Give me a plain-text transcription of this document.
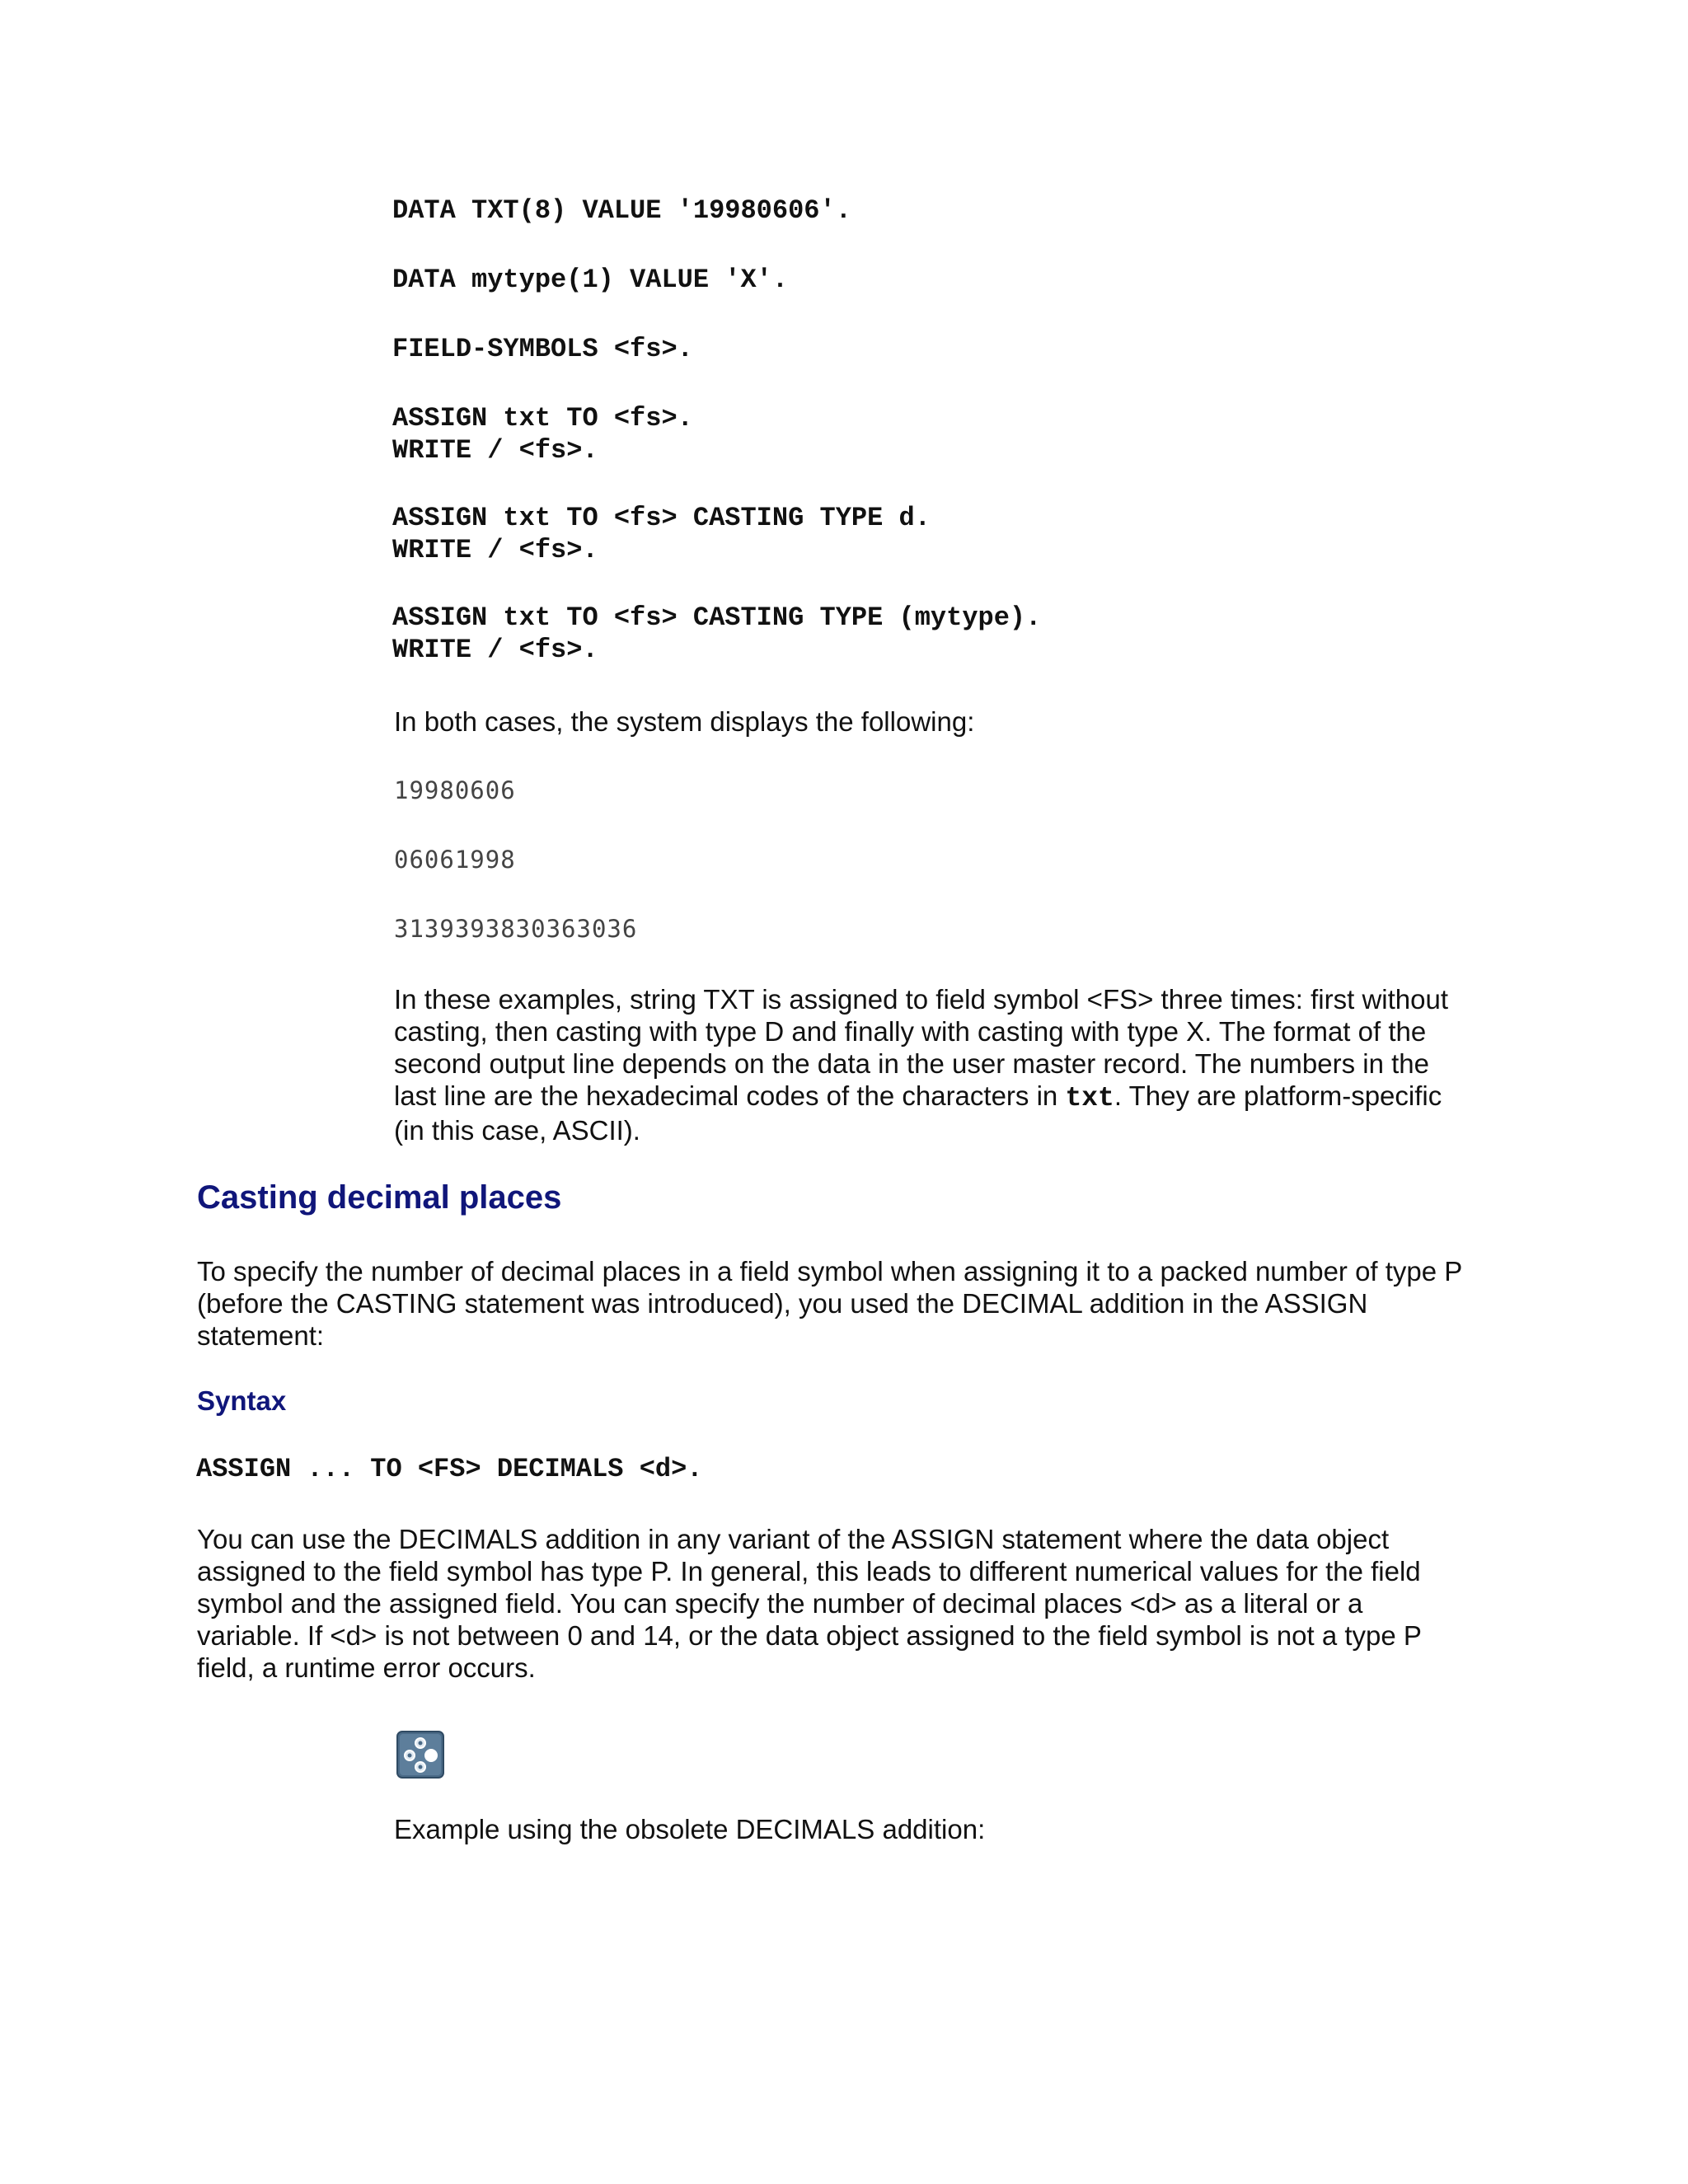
DATA TXT(8) VALUE '19980606'.
DATA mytype(1) VALUE 'X'.
FIELD-SYMBOLS <fs>.
ASSIGN txt TO <fs>.
WRITE / <fs>.
ASSIGN txt TO <fs> CASTING TYPE d.
WRITE / <fs>.
ASSIGN txt TO <fs> CASTING TYPE (mytype).
WRITE / <fs>.
In both cases, the system displays the following:
19980606
06061998
3139393830363036
In these examples, string TXT is assigned to field symbol <FS> three times: first without
casting, then casting with type D and finally with casting with type X. The format of the
second output line depends on the data in the user master record. The numbers in the
last line are the hexadecimal codes of the characters in txt. They are platform-specific
(in this case, ASCII).
Casting decimal places
To specify the number of decimal places in a field symbol when assigning it to a packed number of type P
(before the CASTING statement was introduced), you used the DECIMAL addition in the ASSIGN
statement:
Syntax
ASSIGN ... TO <FS> DECIMALS <d>.
You can use the DECIMALS addition in any variant of the ASSIGN statement where the data object
assigned to the field symbol has type P. In general, this leads to different numerical values for the field
symbol and the assigned field. You can specify the number of decimal places <d> as a literal or a
variable. If <d> is not between 0 and 14, or the data object assigned to the field symbol is not a type P
field, a runtime error occurs.
Example using the obsolete DECIMALS addition:
